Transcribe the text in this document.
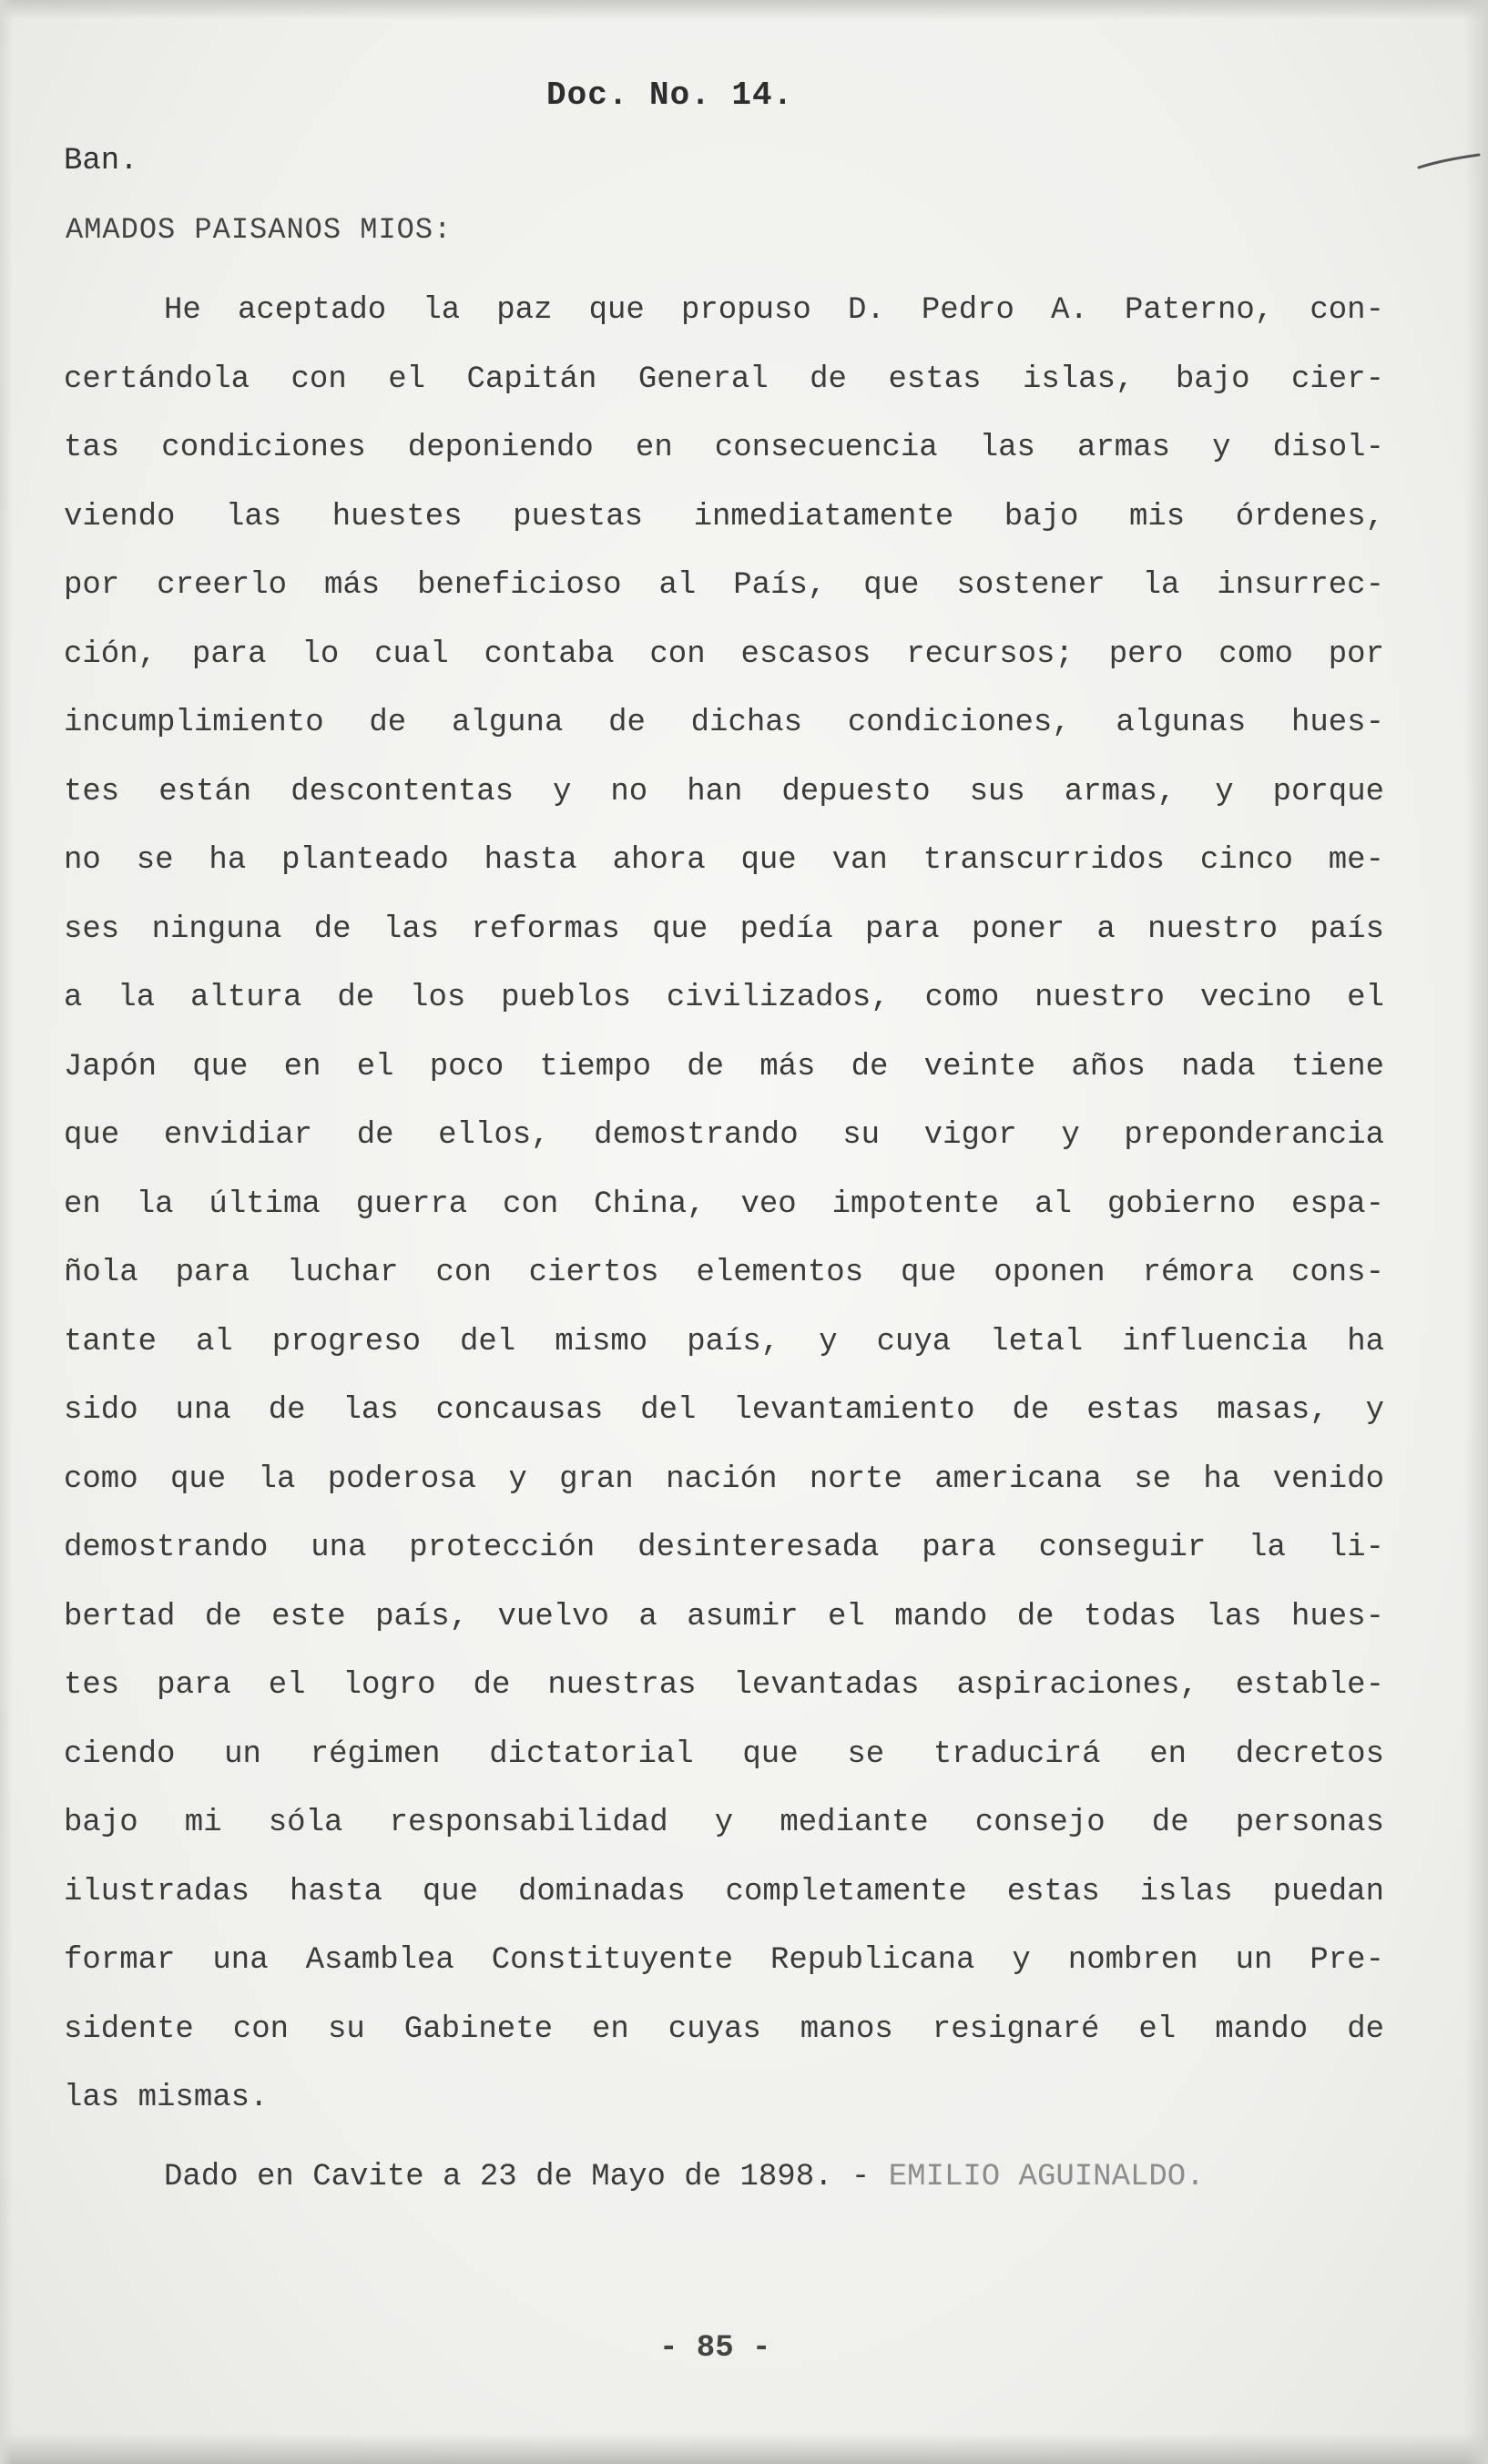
Doc. No. 14.
Ban.
AMADOS PAISANOS MIOS:
He aceptado la paz que propuso D. Pedro A. Paterno, con-
certándola con el Capitán General de estas islas, bajo cier-
tas condiciones deponiendo en consecuencia las armas y disol-
viendo las huestes puestas inmediatamente bajo mis órdenes,
por creerlo más beneficioso al País, que sostener la insurrec-
ción, para lo cual contaba con escasos recursos; pero como por
incumplimiento de alguna de dichas condiciones, algunas hues-
tes están descontentas y no han depuesto sus armas, y porque
no se ha planteado hasta ahora que van transcurridos cinco me-
ses ninguna de las reformas que pedía para poner a nuestro país
a la altura de los pueblos civilizados, como nuestro vecino el
Japón que en el poco tiempo de más de veinte años nada tiene
que envidiar de ellos, demostrando su vigor y preponderancia
en la última guerra con China, veo impotente al gobierno espa-
ñola para luchar con ciertos elementos que oponen rémora cons-
tante al progreso del mismo país, y cuya letal influencia ha
sido una de las concausas del levantamiento de estas masas, y
como que la poderosa y gran nación norte americana se ha venido
demostrando una protección desinteresada para conseguir la li-
bertad de este país, vuelvo a asumir el mando de todas las hues-
tes para el logro de nuestras levantadas aspiraciones, estable-
ciendo un régimen dictatorial que se traducirá en decretos
bajo mi sóla responsabilidad y mediante consejo de personas
ilustradas hasta que dominadas completamente estas islas puedan
formar una Asamblea Constituyente Republicana y nombren un Pre-
sidente con su Gabinete en cuyas manos resignaré el mando de
las mismas.
Dado en Cavite a 23 de Mayo de 1898. - EMILIO AGUINALDO.
- 85 -
